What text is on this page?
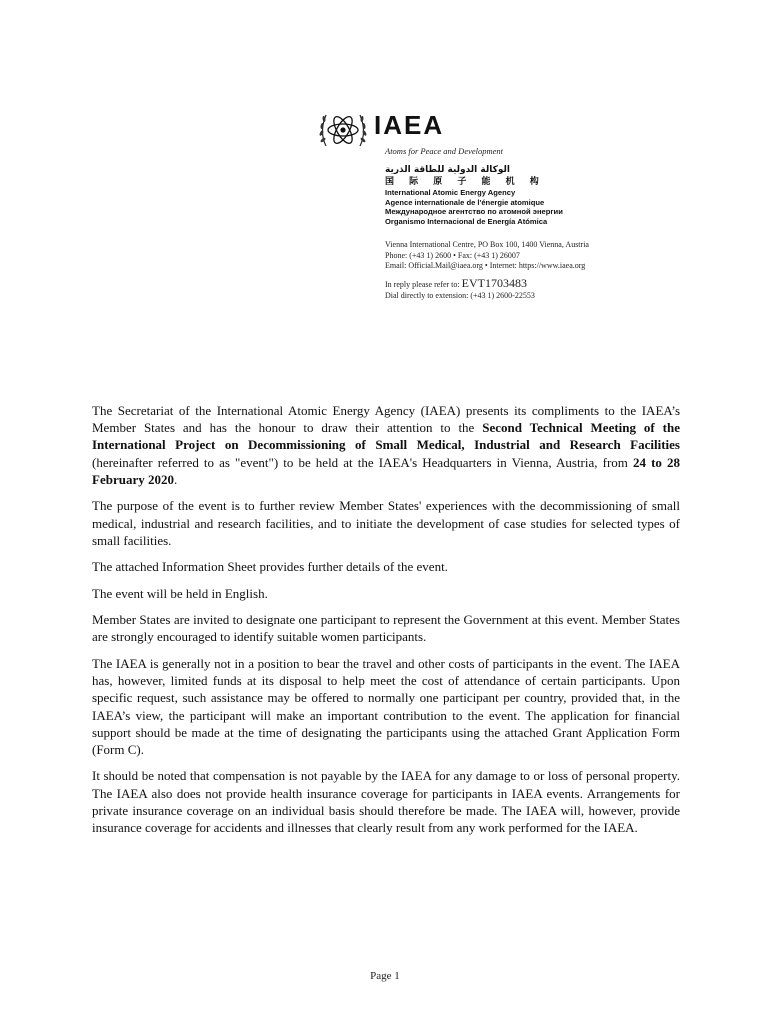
IAEA
Atoms for Peace and Development
الوكالة الدولية للطاقة الذرية
国 际 原 子 能 机 构
International Atomic Energy Agency
Agence internationale de l'énergie atomique
Международное агентство по атомной энергии
Organismo Internacional de Energía Atómica
Vienna International Centre, PO Box 100, 1400 Vienna, Austria
Phone: (+43 1) 2600 • Fax: (+43 1) 26007
Email: Official.Mail@iaea.org • Internet: https://www.iaea.org
In reply please refer to: EVT1703483
Dial directly to extension: (+43 1) 2600-22553

The Secretariat of the International Atomic Energy Agency (IAEA) presents its compliments to the IAEA’s Member States and has the honour to draw their attention to the Second Technical Meeting of the International Project on Decommissioning of Small Medical, Industrial and Research Facilities (hereinafter referred to as "event") to be held at the IAEA's Headquarters in Vienna, Austria, from 24 to 28 February 2020.

The purpose of the event is to further review Member States' experiences with the decommissioning of small medical, industrial and research facilities, and to initiate the development of case studies for selected types of small facilities.

The attached Information Sheet provides further details of the event.

The event will be held in English.

Member States are invited to designate one participant to represent the Government at this event. Member States are strongly encouraged to identify suitable women participants.

The IAEA is generally not in a position to bear the travel and other costs of participants in the event. The IAEA has, however, limited funds at its disposal to help meet the cost of attendance of certain participants. Upon specific request, such assistance may be offered to normally one participant per country, provided that, in the IAEA’s view, the participant will make an important contribution to the event. The application for financial support should be made at the time of designating the participants using the attached Grant Application Form (Form C).

It should be noted that compensation is not payable by the IAEA for any damage to or loss of personal property. The IAEA also does not provide health insurance coverage for participants in IAEA events. Arrangements for private insurance coverage on an individual basis should therefore be made. The IAEA will, however, provide insurance coverage for accidents and illnesses that clearly result from any work performed for the IAEA.

Page 1
